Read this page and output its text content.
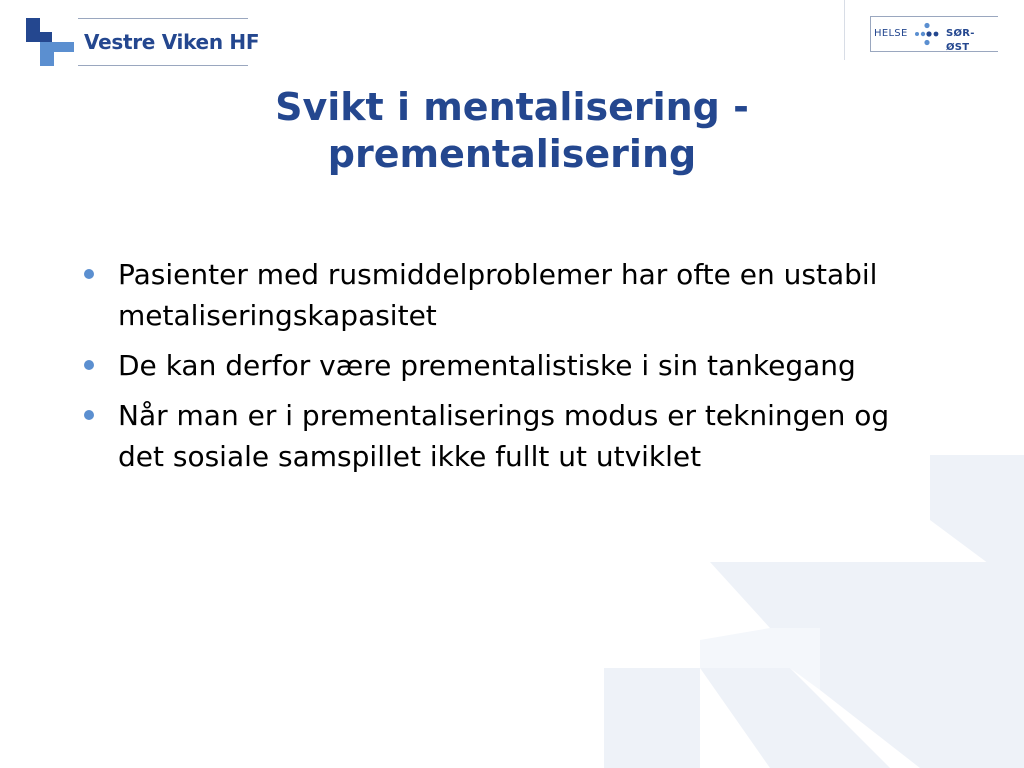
Vestre Viken HF	HELSE	SØR-ØST
Svikt i mentalisering -
prementalisering
Pasienter med rusmiddelproblemer har ofte en ustabil metaliseringskapasitet
De kan derfor være prementalistiske i sin tankegang
Når man er i prementaliserings modus er tekningen og det sosiale samspillet ikke fullt ut utviklet
